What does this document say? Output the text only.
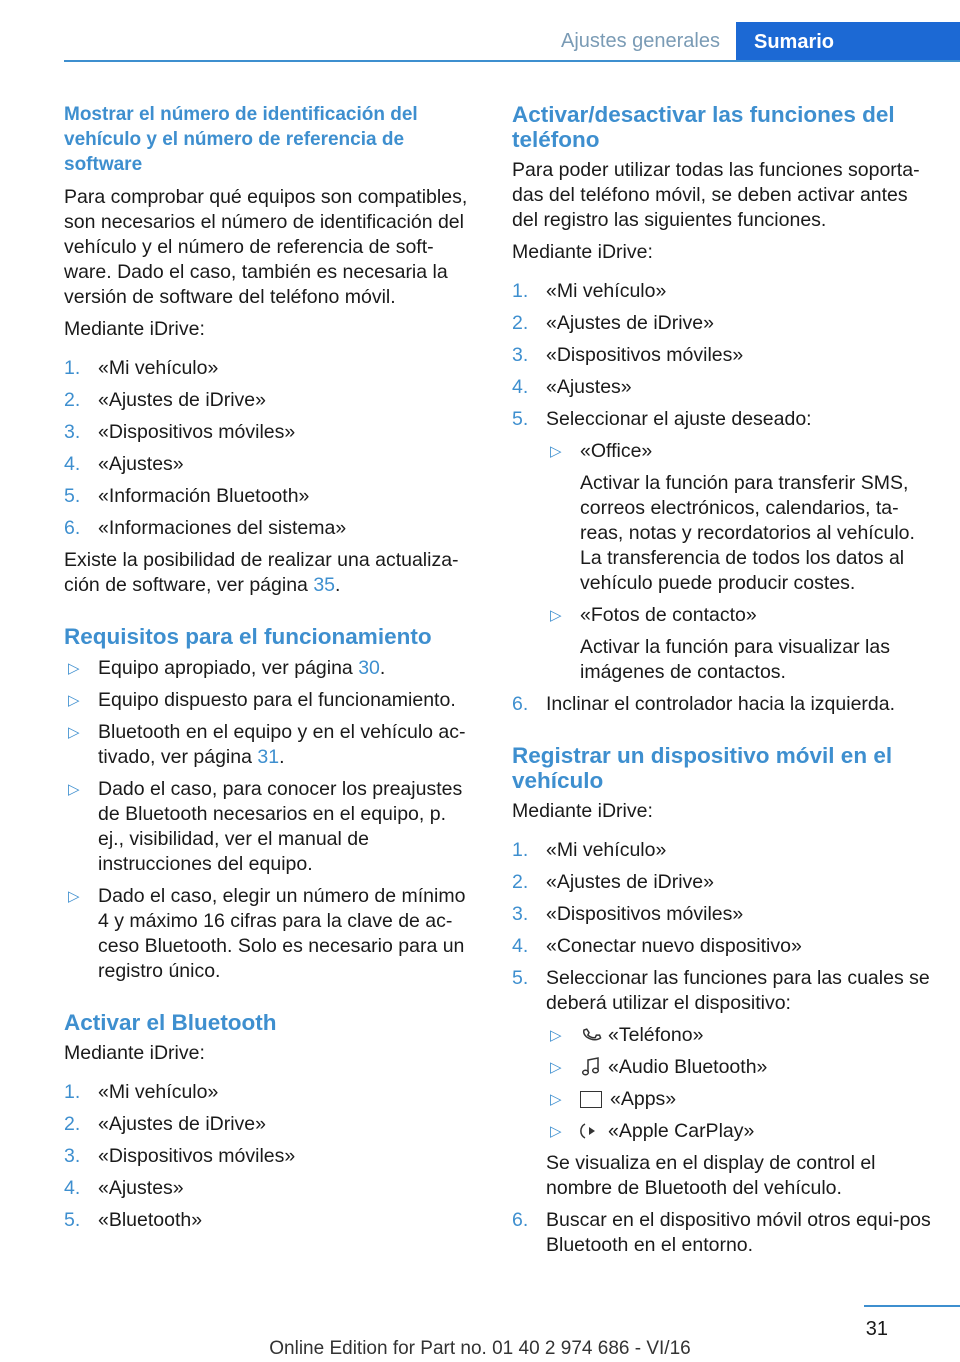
Ajustes generales	Sumario
Mostrar el número de identificación del vehículo y el número de referencia de software

Para comprobar qué equipos son compatibles, son necesarios el número de identificación del vehículo y el número de referencia de soft‐ware. Dado el caso, también es necesaria la versión de software del teléfono móvil.

Mediante iDrive:

1. «Mi vehículo»
2. «Ajustes de iDrive»
3. «Dispositivos móviles»
4. «Ajustes»
5. «Información Bluetooth»
6. «Informaciones del sistema»

Existe la posibilidad de realizar una actualiza‐ción de software, ver página 35.

Requisitos para el funcionamiento
▷ Equipo apropiado, ver página 30.
▷ Equipo dispuesto para el funcionamiento.
▷ Bluetooth en el equipo y en el vehículo ac‐tivado, ver página 31.
▷ Dado el caso, para conocer los preajustes de Bluetooth necesarios en el equipo, p. ej., visibilidad, ver el manual de instrucciones del equipo.
▷ Dado el caso, elegir un número de mínimo 4 y máximo 16 cifras para la clave de ac‐ceso Bluetooth. Solo es necesario para un registro único.
Activar el Bluetooth

Mediante iDrive:

1. «Mi vehículo»
2. «Ajustes de iDrive»
3. «Dispositivos móviles»
4. «Ajustes»
5. «Bluetooth»
Activar/desactivar las funciones del teléfono

Para poder utilizar todas las funciones soporta‐das del teléfono móvil, se deben activar antes del registro las siguientes funciones.

Mediante iDrive:

1. «Mi vehículo»
2. «Ajustes de iDrive»
3. «Dispositivos móviles»
4. «Ajustes»
5. Seleccionar el ajuste deseado:
▷ «Office»
Activar la función para transferir SMS, correos electrónicos, calendarios, ta‐reas, notas y recordatorios al vehículo. La transferencia de todos los datos al vehículo puede producir costes.
▷ «Fotos de contacto»
Activar la función para visualizar las imágenes de contactos.
6. Inclinar el controlador hacia la izquierda.
Registrar un dispositivo móvil en el vehículo

Mediante iDrive:

1. «Mi vehículo»
2. «Ajustes de iDrive»
3. «Dispositivos móviles»
4. «Conectar nuevo dispositivo»
5. Seleccionar las funciones para las cuales se deberá utilizar el dispositivo:
▷ «Teléfono»
▷ «Audio Bluetooth»
▷ «Apps»
▷ «Apple CarPlay»

Se visualiza en el display de control el nombre de Bluetooth del vehículo.

6. Buscar en el dispositivo móvil otros equi‐pos Bluetooth en el entorno.
31
Online Edition for Part no. 01 40 2 974 686 - VI/16
